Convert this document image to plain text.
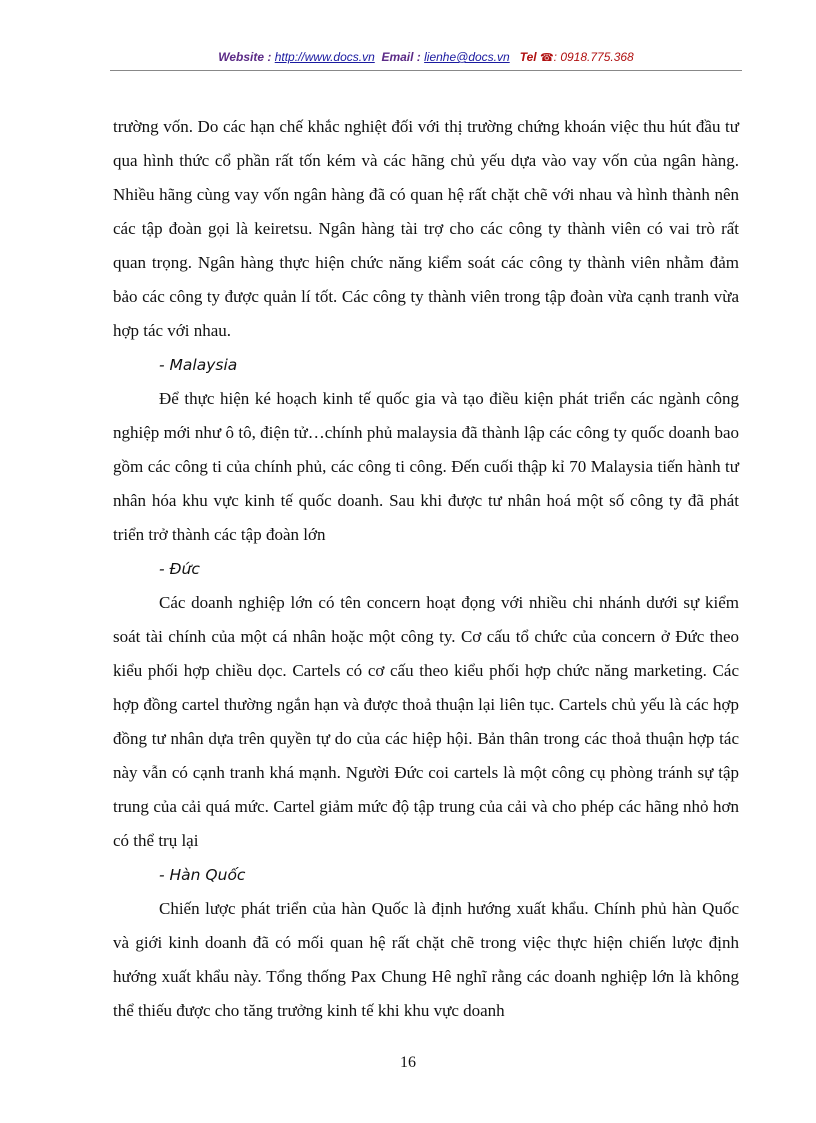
Website : http://www.docs.vn Email : lienhe@docs.vn Tel ☎: 0918.775.368

trường vốn. Do các hạn chế khắc nghiệt đối với thị trường chứng khoán việc thu hút đầu tư qua hình thức cổ phần rất tốn kém và các hãng chủ yếu dựa vào vay vốn của ngân hàng. Nhiều hãng cùng vay vốn ngân hàng đã có quan hệ rất chặt chẽ với nhau và hình thành nên các tập đoàn gọi là keiretsu. Ngân hàng tài trợ cho các công ty thành viên có vai trò rất quan trọng. Ngân hàng thực hiện chức năng kiểm soát các công ty thành viên nhằm đảm bảo các công ty được quản lí tốt. Các công ty thành viên trong tập đoàn vừa cạnh tranh vừa hợp tác với nhau.

- Malaysia

Để thực hiện ké hoạch kinh tế quốc gia và tạo điều kiện phát triển các ngành công nghiệp mới như ô tô, điện tử…chính phủ malaysia đã thành lập các công ty quốc doanh bao gồm các công ti của chính phủ, các công ti công. Đến cuối thập kỉ 70 Malaysia tiến hành tư nhân hóa khu vực kinh tế quốc doanh. Sau khi được tư nhân hoá một số công ty đã phát triển trở thành các tập đoàn lớn

- Đức

Các doanh nghiệp lớn có tên concern hoạt đọng với nhiều chi nhánh dưới sự kiểm soát tài chính của một cá nhân hoặc một công ty. Cơ cấu tổ chức của concern ở Đức theo kiểu phối hợp chiều dọc. Cartels có cơ cấu theo kiểu phối hợp chức năng marketing. Các hợp đồng cartel thường ngắn hạn và được thoả thuận lại liên tục. Cartels chủ yếu là các hợp đồng tư nhân dựa trên quyền tự do của các hiệp hội. Bản thân trong các thoả thuận hợp tác này vẫn có cạnh tranh khá mạnh. Người Đức coi cartels là một công cụ phòng tránh sự tập trung của cải quá mức. Cartel giảm mức độ tập trung của cải và cho phép các hãng nhỏ hơn có thể trụ lại

- Hàn Quốc

Chiến lược phát triển của hàn Quốc là định hướng xuất khẩu. Chính phủ hàn Quốc và giới kinh doanh đã có mối quan hệ rất chặt chẽ trong việc thực hiện chiến lược định hướng xuất khẩu này. Tổng thống Pax Chung Hê nghĩ rằng các doanh nghiệp lớn là không thể thiếu được cho tăng trưởng kinh tế khi khu vực doanh

16
